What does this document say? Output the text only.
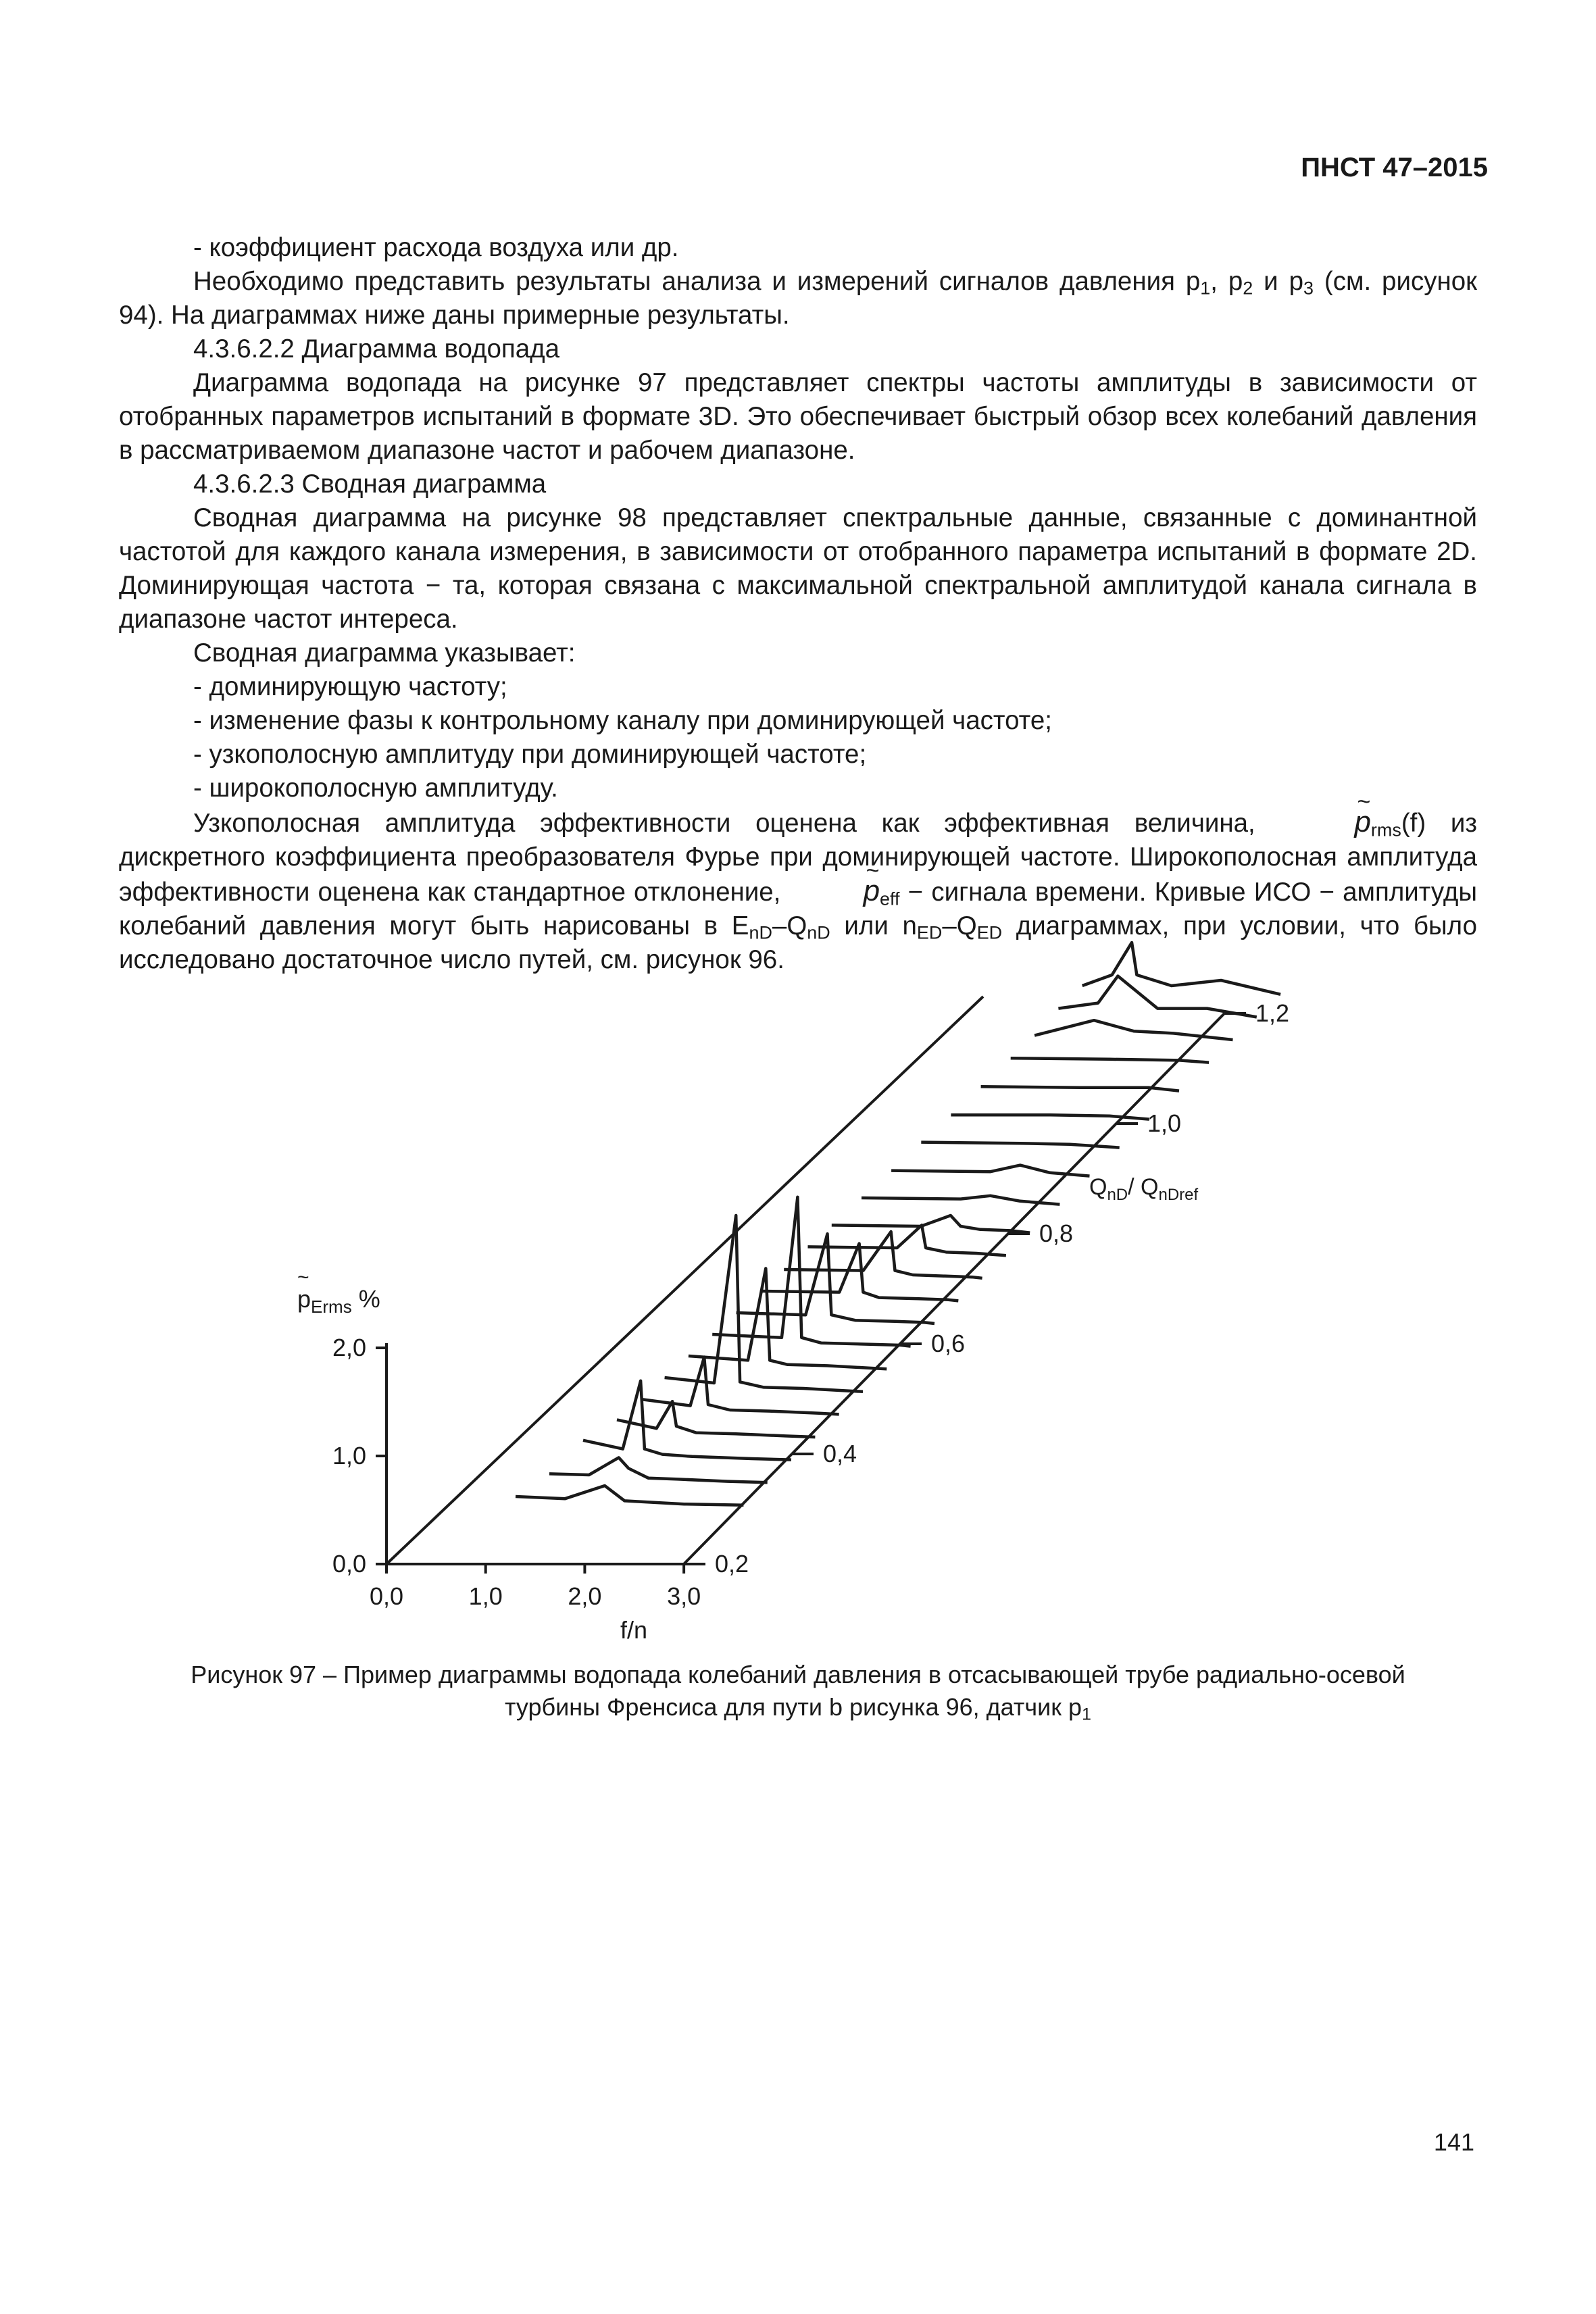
ПНСТ 47–2015

- коэффициент расхода воздуха или др.

Необходимо представить результаты анализа и измерений сигналов давления $p_1$, $p_2$ и $p_3$ (см. рисунок 94). На диаграммах ниже даны примерные результаты.

4.3.6.2.2 Диаграмма водопада

Диаграмма водопада на рисунке 97 представляет спектры частоты амплитуды в зависимости от отобранных параметров испытаний в формате 3D. Это обеспечивает быстрый обзор всех колебаний давления в рассматриваемом диапазоне частот и рабочем диапазоне.

4.3.6.2.3 Сводная диаграмма

Сводная диаграмма на рисунке 98 представляет спектральные данные, связанные с доминантной частотой для каждого канала измерения, в зависимости от отобранного параметра испытаний в формате 2D. Доминирующая частота − та, которая связана с максимальной спектральной амплитудой канала сигнала в диапазоне частот интереса.

Сводная диаграмма указывает:

- доминирующую частоту;

- изменение фазы к контрольному каналу при доминирующей частоте;

- узкополосную амплитуду при доминирующей частоте;

- широкополосную амплитуду.

Узкополосная амплитуда эффективности оценена как эффективная величина,	~ $p_{rms}(f)$ из дискретного коэффициента преобразователя Фурье при доминирующей частоте. Широкополосная амплитуда эффективности оценена как стандартное отклонение,	~ $p_{eff}$ − сигнала времени. Кривые ИСО − амплитуды колебаний давления могут быть нарисованы в $E_{nD}-Q_{nD}$ или $n_{ED}-Q_{ED}$ диаграммах, при условии, что было исследовано достаточное число путей, см. рисунок 96.

$p_{Erms}$ %
~
f/n
$Q_{nD}/$ $Q_{nDref}$
0,0
1,0
2,0
0,0	1,0	2,0	3,0
0,2
0,4
0,6
0,8
1,0
1,2
Рисунок 97 – Пример диаграммы водопада колебаний давления в отсасывающей трубе радиально-осевой
турбины Френсиса для пути b рисунка 96, датчик $p_1$
141
